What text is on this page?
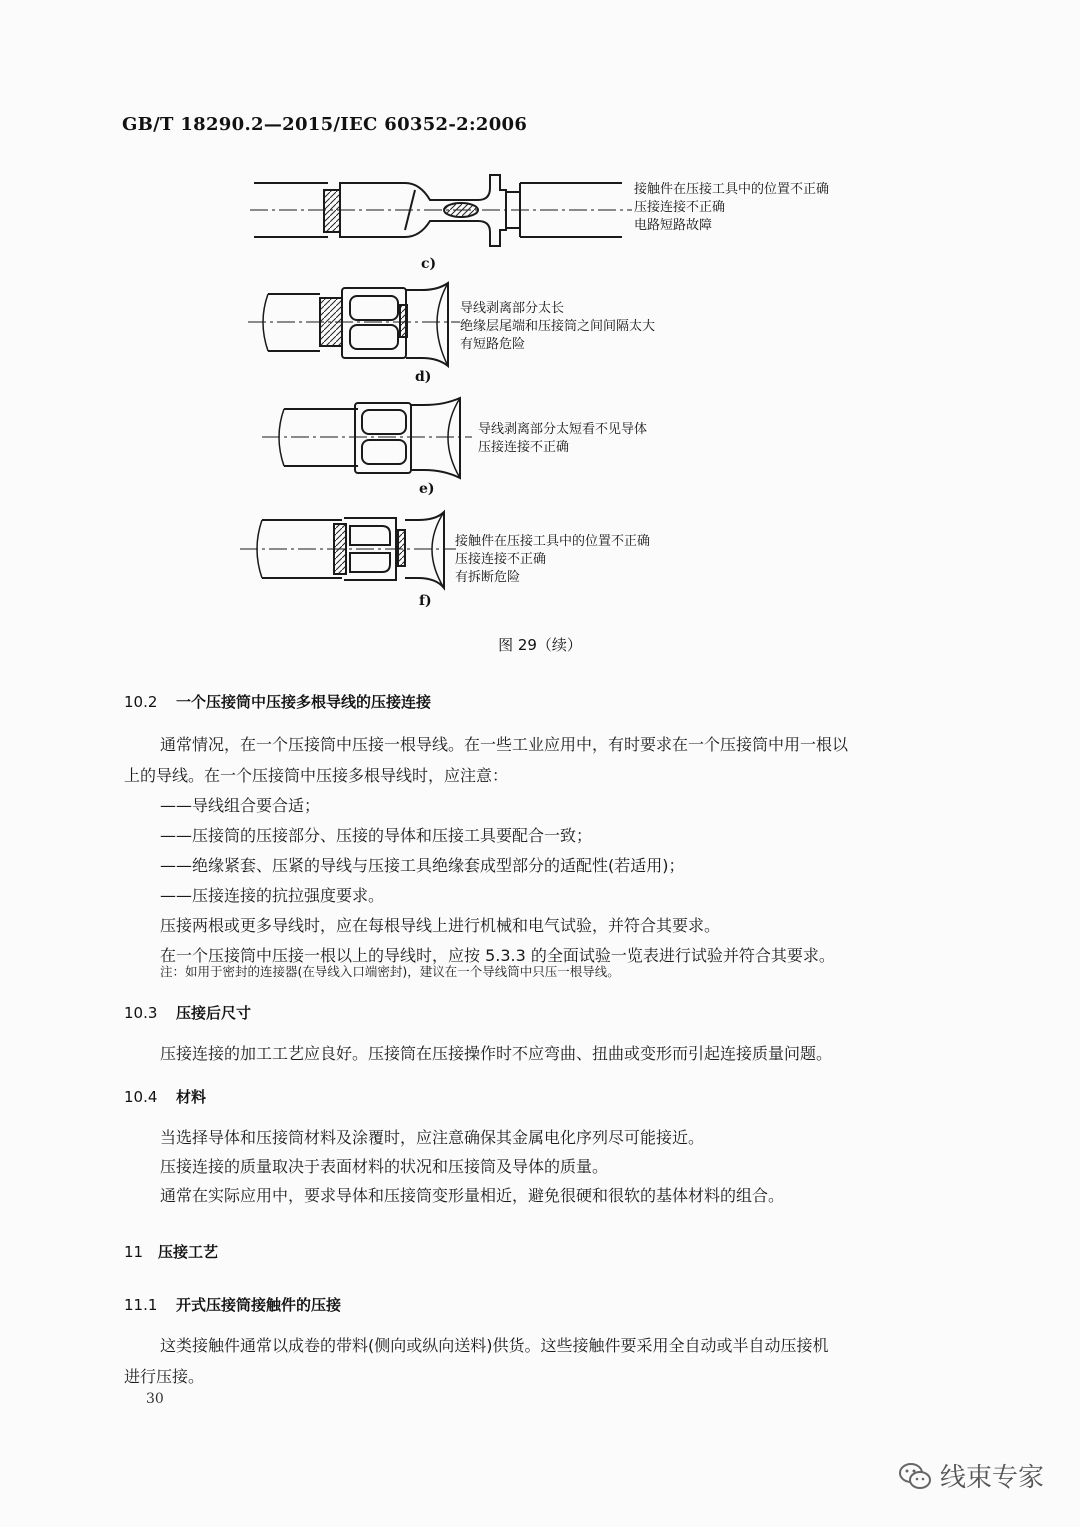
GB/T 18290.2—2015/IEC 60352-2:2006
接触件在压接工具中的位置不正确
压接连接不正确
电路短路故障
c)
导线剥离部分太长
绝缘层尾端和压接筒之间间隔太大
有短路危险
d)
导线剥离部分太短看不见导体
压接连接不正确
e)
接触件在压接工具中的位置不正确
压接连接不正确
有拆断危险
f)
图 29（续）
10.2 一个压接筒中压接多根导线的压接连接
通常情况，在一个压接筒中压接一根导线。在一些工业应用中，有时要求在一个压接筒中用一根以
上的导线。在一个压接筒中压接多根导线时，应注意：
——导线组合要合适；
——压接筒的压接部分、压接的导体和压接工具要配合一致；
——绝缘紧套、压紧的导线与压接工具绝缘套成型部分的适配性(若适用)；
——压接连接的抗拉强度要求。
压接两根或更多导线时，应在每根导线上进行机械和电气试验，并符合其要求。
在一个压接筒中压接一根以上的导线时，应按 5.3.3 的全面试验一览表进行试验并符合其要求。
注：如用于密封的连接器(在导线入口端密封)，建议在一个导线筒中只压一根导线。
10.3 压接后尺寸
压接连接的加工工艺应良好。压接筒在压接操作时不应弯曲、扭曲或变形而引起连接质量问题。
10.4 材料
当选择导体和压接筒材料及涂覆时，应注意确保其金属电化序列尽可能接近。
压接连接的质量取决于表面材料的状况和压接筒及导体的质量。
通常在实际应用中，要求导体和压接筒变形量相近，避免很硬和很软的基体材料的组合。
11 压接工艺
11.1 开式压接筒接触件的压接
这类接触件通常以成卷的带料(侧向或纵向送料)供货。这些接触件要采用全自动或半自动压接机
进行压接。
30
线束专家
